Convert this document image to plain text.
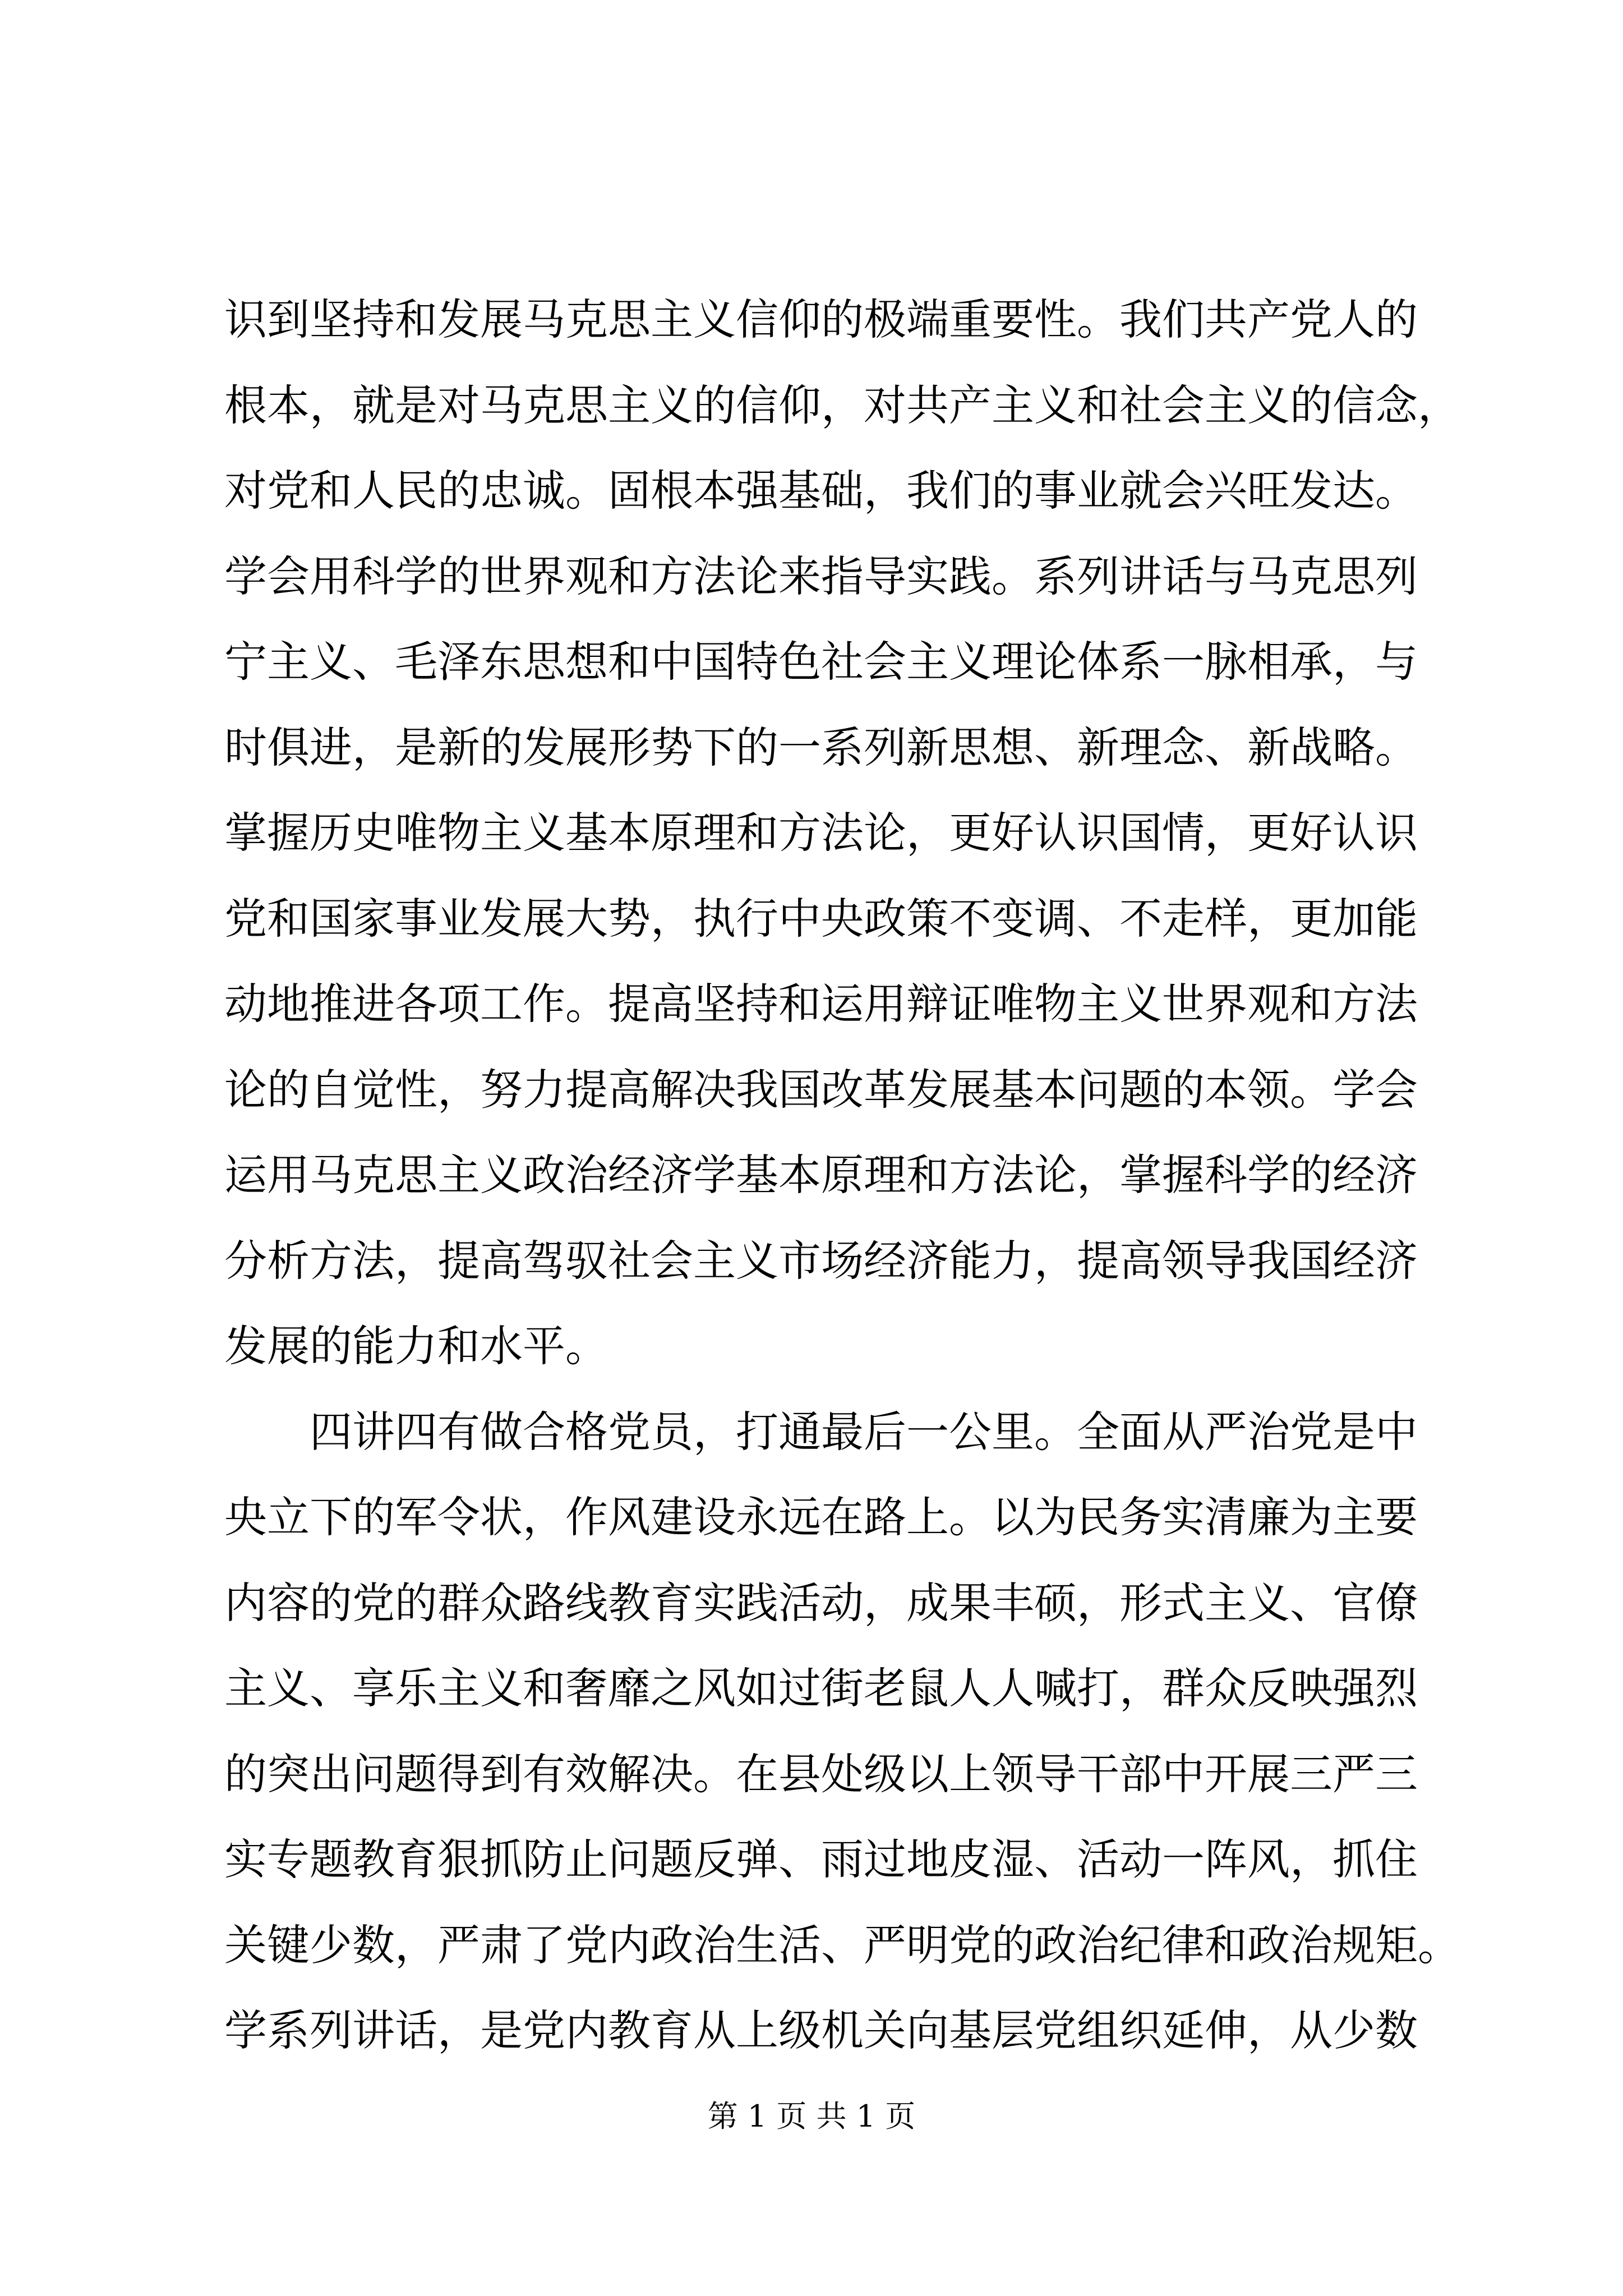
识到坚持和发展马克思主义信仰的极端重要性。我们共产党人的
根本，就是对马克思主义的信仰，对共产主义和社会主义的信念，
对党和人民的忠诚。固根本强基础，我们的事业就会兴旺发达。
学会用科学的世界观和方法论来指导实践。系列讲话与马克思列
宁主义、毛泽东思想和中国特色社会主义理论体系一脉相承，与
时俱进，是新的发展形势下的一系列新思想、新理念、新战略。
掌握历史唯物主义基本原理和方法论，更好认识国情，更好认识
党和国家事业发展大势，执行中央政策不变调、不走样，更加能
动地推进各项工作。提高坚持和运用辩证唯物主义世界观和方法
论的自觉性，努力提高解决我国改革发展基本问题的本领。学会
运用马克思主义政治经济学基本原理和方法论，掌握科学的经济
分析方法，提高驾驭社会主义市场经济能力，提高领导我国经济
发展的能力和水平。
四讲四有做合格党员，打通最后一公里。全面从严治党是中
央立下的军令状，作风建设永远在路上。以为民务实清廉为主要
内容的党的群众路线教育实践活动，成果丰硕，形式主义、官僚
主义、享乐主义和奢靡之风如过街老鼠人人喊打，群众反映强烈
的突出问题得到有效解决。在县处级以上领导干部中开展三严三
实专题教育狠抓防止问题反弹、雨过地皮湿、活动一阵风，抓住
关键少数，严肃了党内政治生活、严明党的政治纪律和政治规矩。
第 1 页 共 1 页
学系列讲话，是党内教育从上级机关向基层党组织延伸，从少数
